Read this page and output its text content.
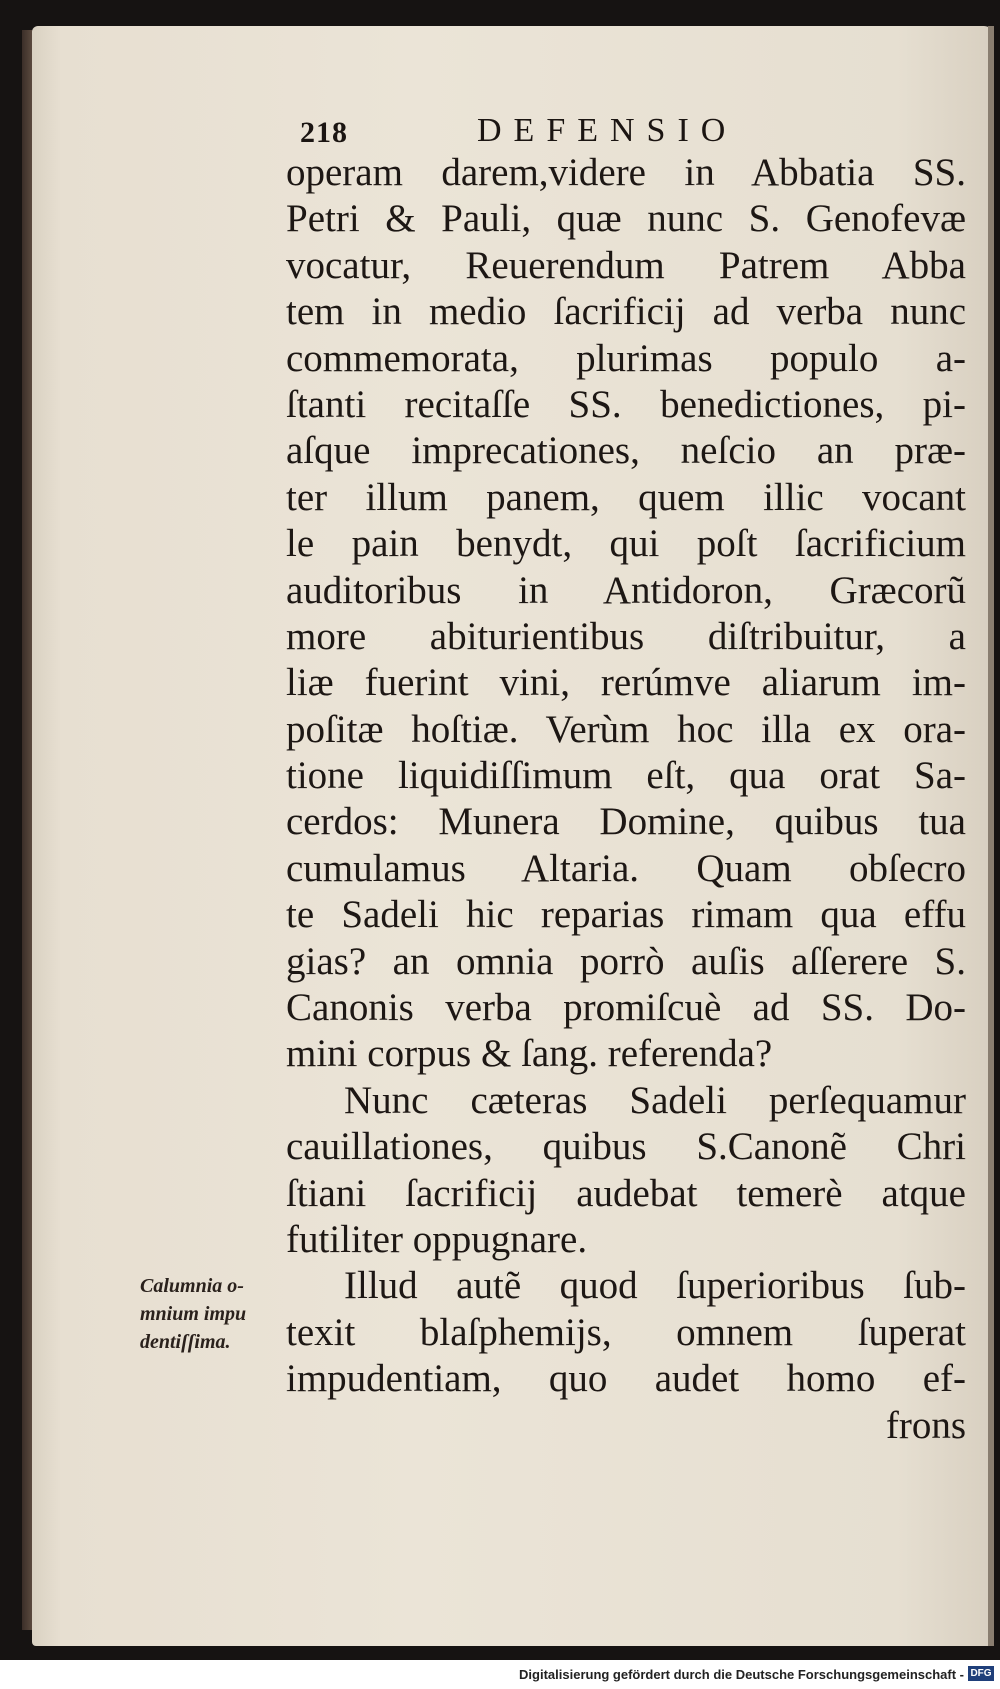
218	DEFENSIO
operam darem,videre in Abbatia SS.
Petri & Pauli, quæ nunc S. Genofevæ
vocatur, Reuerendum Patrem Abba
tem in medio ſacrificij ad verba nunc
commemorata, plurimas populo a-
ſtanti recitaſſe SS. benedictiones, pi-
aſque imprecationes, neſcio an præ-
ter illum panem, quem illic vocant
le pain benydt, qui poſt ſacrificium
auditoribus in Antidoron, Græcorũ
more abiturientibus diſtribuitur, a
liæ fuerint vini, rerúmve aliarum im-
poſitæ hoſtiæ. Verùm hoc illa ex ora-
tione liquidiſſimum eſt, qua orat Sa-
cerdos: Munera Domine, quibus tua
cumulamus Altaria. Quam obſecro
te Sadeli hic reparias rimam qua effu
gias? an omnia porrò auſis aſſerere S.
Canonis verba promiſcuè ad SS. Do-
mini corpus & ſang. referenda?
Nunc cæteras Sadeli perſequamur
cauillationes, quibus S.Canonẽ Chri
ſtiani ſacrificij audebat temerè atque
futiliter oppugnare.
Illud autẽ quod ſuperioribus ſub-
texit blaſphemijs, omnem ſuperat
impudentiam, quo audet homo ef-
frons
Calumnia o-
mnium impu
dentiſſima.
Digitalisierung gefördert durch die Deutsche Forschungsgemeinschaft - DFG
